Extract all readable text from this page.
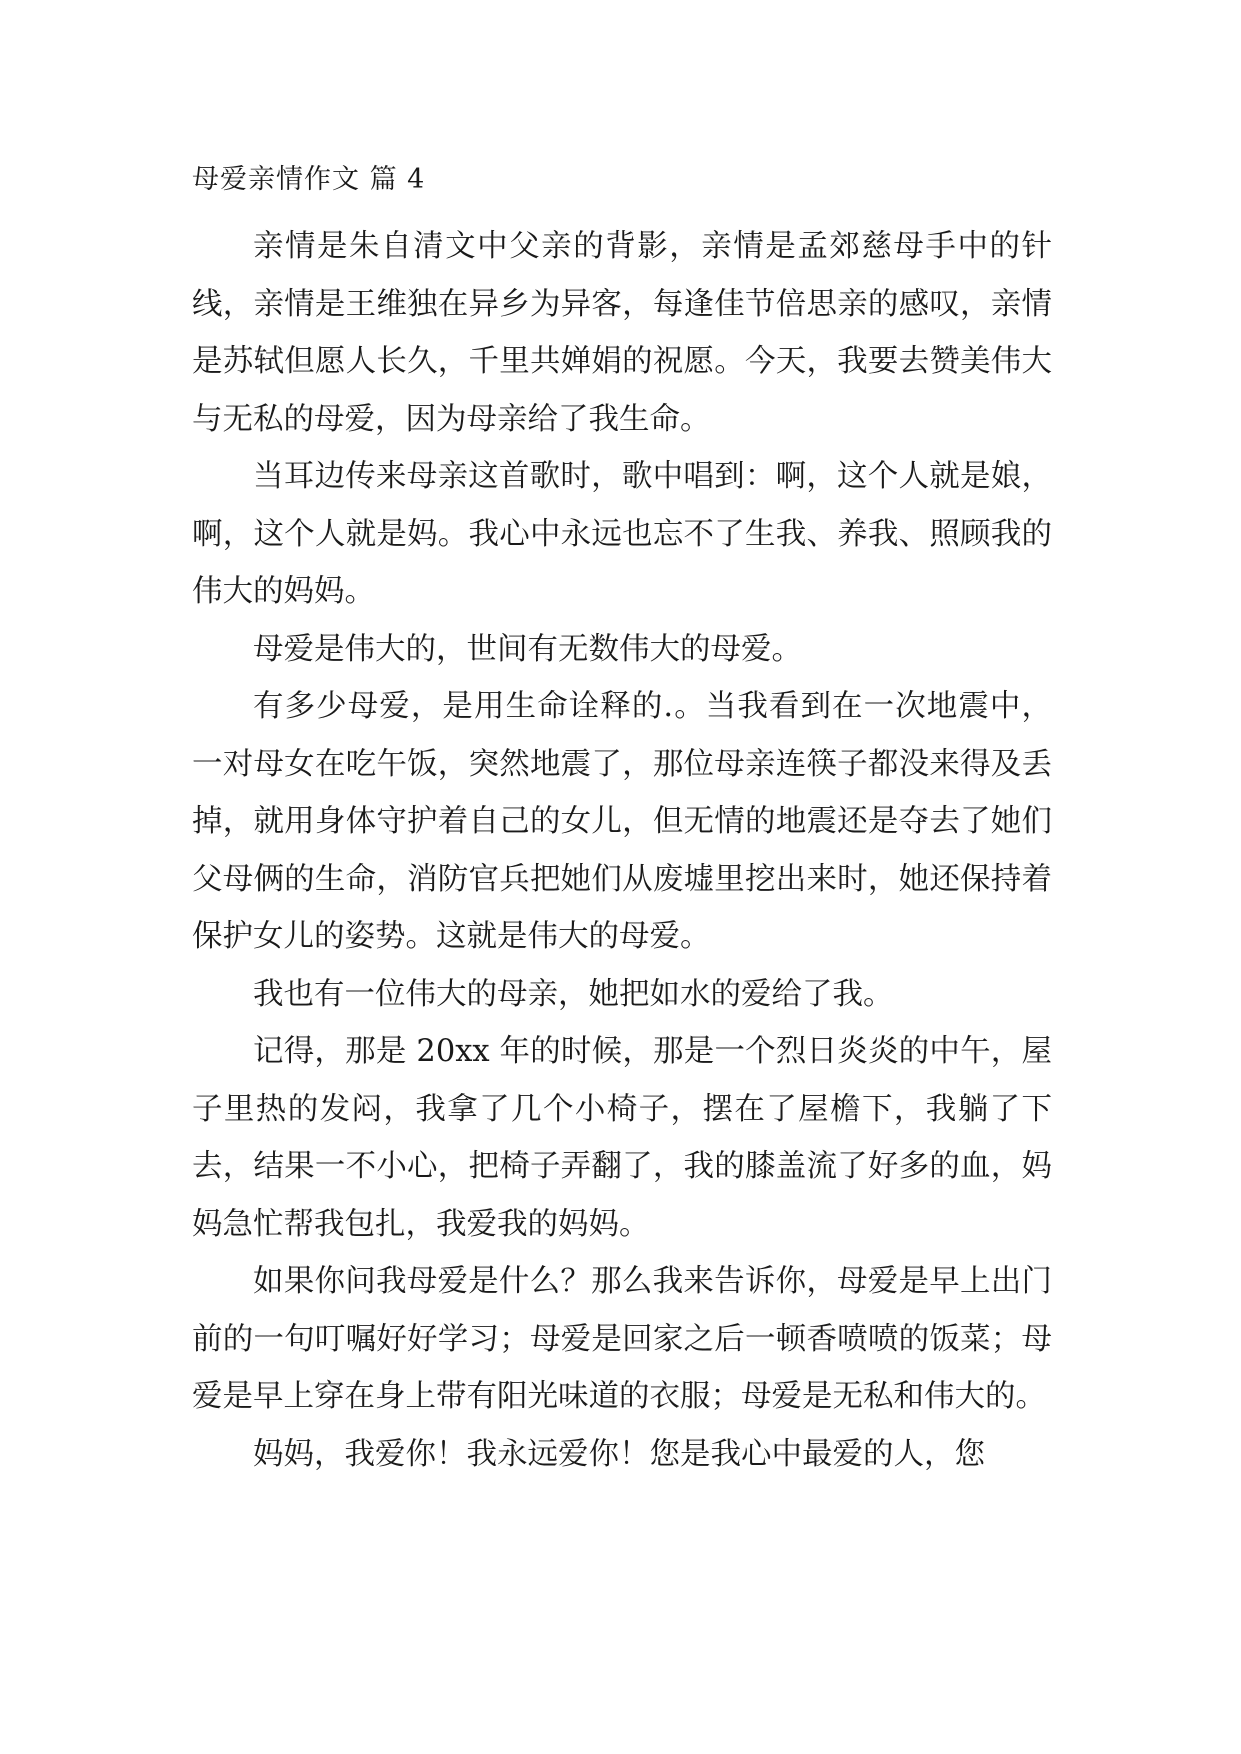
母爱亲情作文 篇 4

亲情是朱自清文中父亲的背影，亲情是孟郊慈母手中的针线，亲情是王维独在异乡为异客，每逢佳节倍思亲的感叹，亲情是苏轼但愿人长久，千里共婵娟的祝愿。今天，我要去赞美伟大与无私的母爱，因为母亲给了我生命。

当耳边传来母亲这首歌时，歌中唱到：啊，这个人就是娘，啊，这个人就是妈。我心中永远也忘不了生我、养我、照顾我的伟大的妈妈。

母爱是伟大的，世间有无数伟大的母爱。

有多少母爱，是用生命诠释的.。当我看到在一次地震中，一对母女在吃午饭，突然地震了，那位母亲连筷子都没来得及丢掉，就用身体守护着自己的女儿，但无情的地震还是夺去了她们父母俩的生命，消防官兵把她们从废墟里挖出来时，她还保持着保护女儿的姿势。这就是伟大的母爱。

我也有一位伟大的母亲，她把如水的爱给了我。

记得，那是 20xx 年的时候，那是一个烈日炎炎的中午，屋子里热的发闷，我拿了几个小椅子，摆在了屋檐下，我躺了下去，结果一不小心，把椅子弄翻了，我的膝盖流了好多的血，妈妈急忙帮我包扎，我爱我的妈妈。

如果你问我母爱是什么？那么我来告诉你，母爱是早上出门前的一句叮嘱好好学习；母爱是回家之后一顿香喷喷的饭菜；母爱是早上穿在身上带有阳光味道的衣服；母爱是无私和伟大的。

妈妈，我爱你！我永远爱你！您是我心中最爱的人，您
